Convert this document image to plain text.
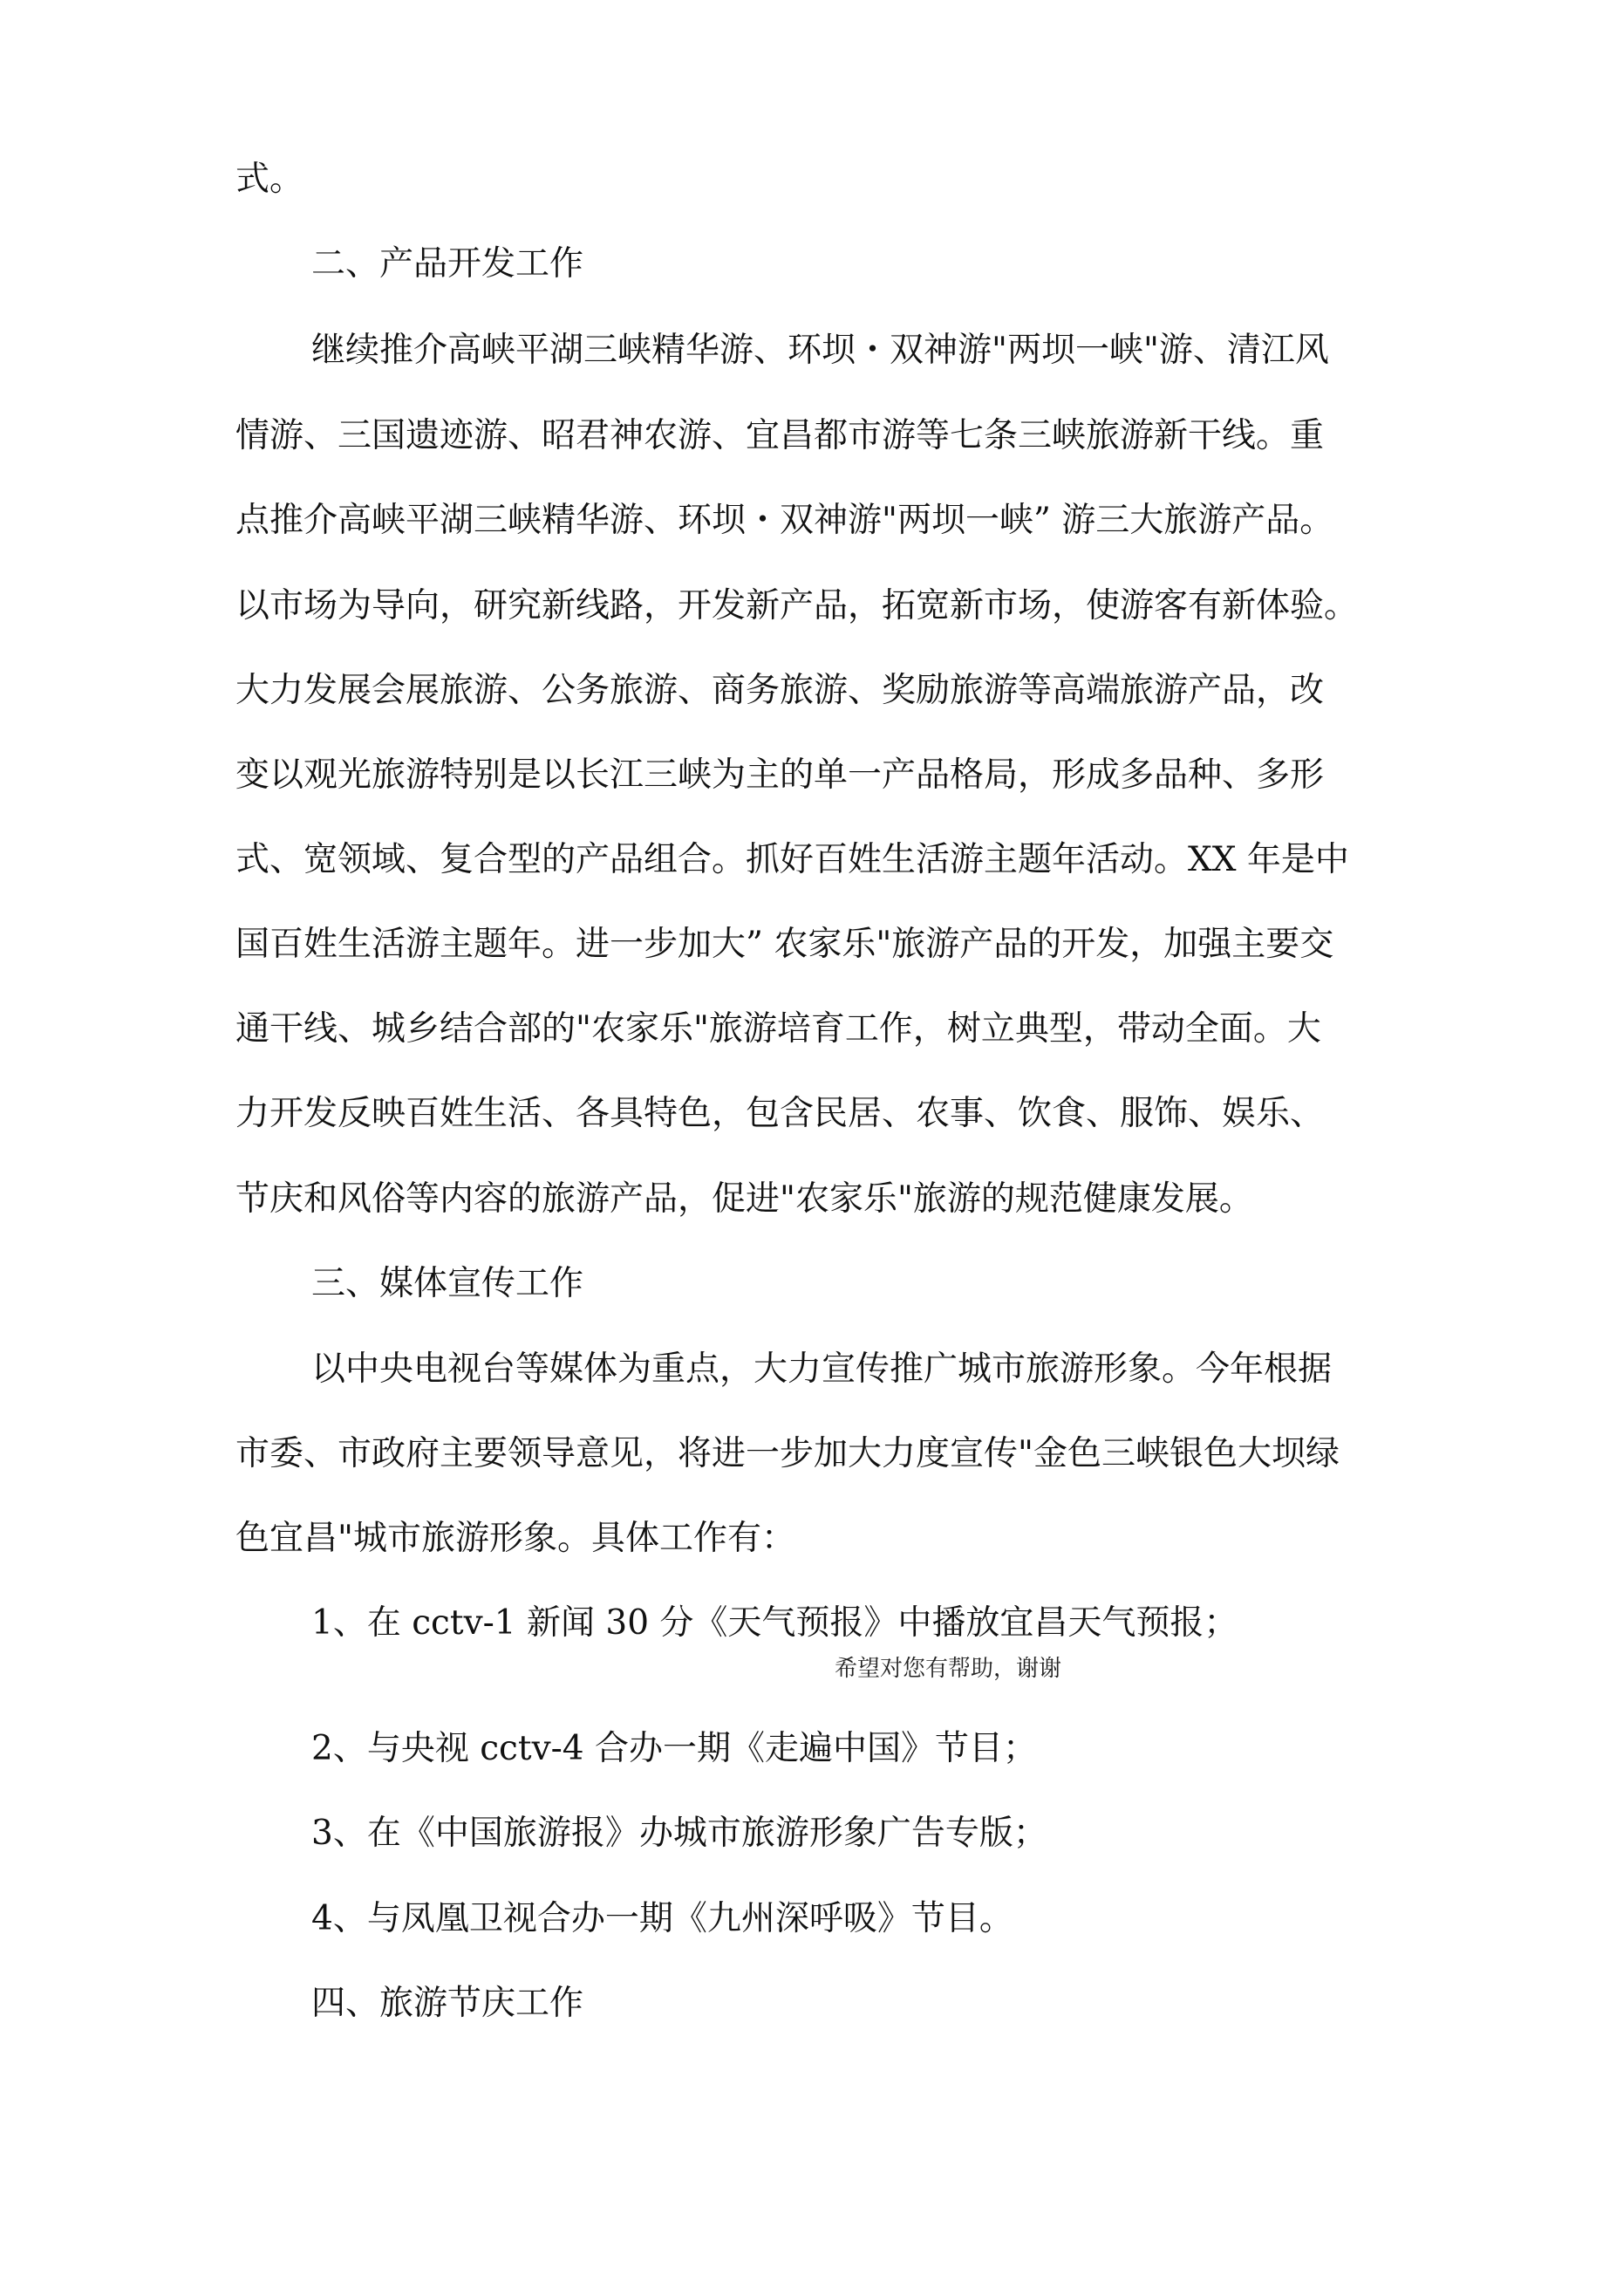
式。
二、产品开发工作
继续推介高峡平湖三峡精华游、环坝・双神游"两坝一峡"游、清江风
情游、三国遗迹游、昭君神农游、宜昌都市游等七条三峡旅游新干线。重
点推介高峡平湖三峡精华游、环坝・双神游"两坝一峡” 游三大旅游产品。
以市场为导向，研究新线路，开发新产品，拓宽新市场，使游客有新体验。
大力发展会展旅游、公务旅游、商务旅游、奖励旅游等高端旅游产品，改
变以观光旅游特别是以长江三峡为主的单一产品格局，形成多品种、多形
式、宽领域、复合型的产品组合。抓好百姓生活游主题年活动。XX 年是中
国百姓生活游主题年。进一步加大” 农家乐"旅游产品的开发，加强主要交
通干线、城乡结合部的"农家乐"旅游培育工作，树立典型，带动全面。大
力开发反映百姓生活、各具特色，包含民居、农事、饮食、服饰、娱乐、
节庆和风俗等内容的旅游产品，促进"农家乐"旅游的规范健康发展。
三、媒体宣传工作
以中央电视台等媒体为重点，大力宣传推广城市旅游形象。今年根据
市委、市政府主要领导意见，将进一步加大力度宣传"金色三峡银色大坝绿
色宜昌"城市旅游形象。具体工作有：
1、在 cctv-1 新闻 30 分《天气预报》中播放宜昌天气预报；
希望对您有帮助，谢谢
2、与央视 cctv-4 合办一期《走遍中国》节目；
3、在《中国旅游报》办城市旅游形象广告专版；
4、与凤凰卫视合办一期《九州深呼吸》节目。
四、旅游节庆工作
